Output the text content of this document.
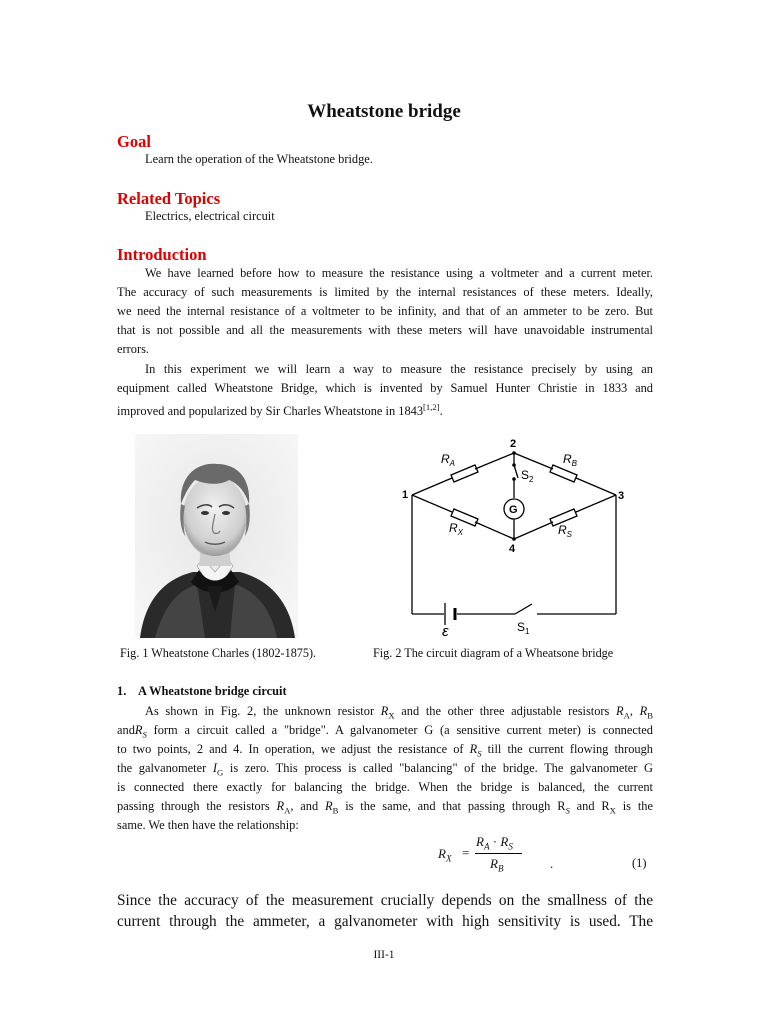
Wheatstone bridge
Goal
Learn the operation of the Wheatstone bridge.
Related Topics
Electrics, electrical circuit
Introduction
We have learned before how to measure the resistance using a voltmeter and a current meter.
The accuracy of such measurements is limited by the internal resistances of these meters. Ideally,
we need the internal resistance of a voltmeter to be infinity, and that of an ammeter to be zero. But
that is not possible and all the measurements with these meters will have unavoidable instrumental
errors.
In this experiment we will learn a way to measure the resistance precisely by using an
equipment called Wheatstone Bridge, which is invented by Samuel Hunter Christie in 1833 and
improved and popularized by Sir Charles Wheatstone in 1843[1,2].
Fig. 1 Wheatstone Charles (1802-1875).
2
1	3
4
$R_A$	$R_B$
$R_X$	$R_S$
$S_2$
G
$S_1$
ε
Fig. 2 The circuit diagram of a Wheatsone bridge
1.    A Wheatstone bridge circuit
As shown in Fig. 2, the unknown resistor $R_X$ and the other three adjustable resistors $R_A$, $R_B$
andR$_S$ form a circuit called a "bridge". A galvanometer G (a sensitive current meter) is connected
to two points, 2 and 4. In operation, we adjust the resistance of $R_S$ till the current flowing through
the galvanometer $I_G$ is zero. This process is called "balancing" of the bridge. The galvanometer G
is connected there exactly for balancing the bridge. When the bridge is balanced, the current
passing through the resistors $R_A$, and $R_B$ is the same, and that passing through $R_S$ and $R_X$ is the
same. We then have the relationship:
$R_X$ =
$R_A \cdot R_S$
$R_B$	.	(1)
Since the accuracy of the measurement crucially depends on the smallness of the
current through the ammeter, a galvanometer with high sensitivity is used. The
III-1
